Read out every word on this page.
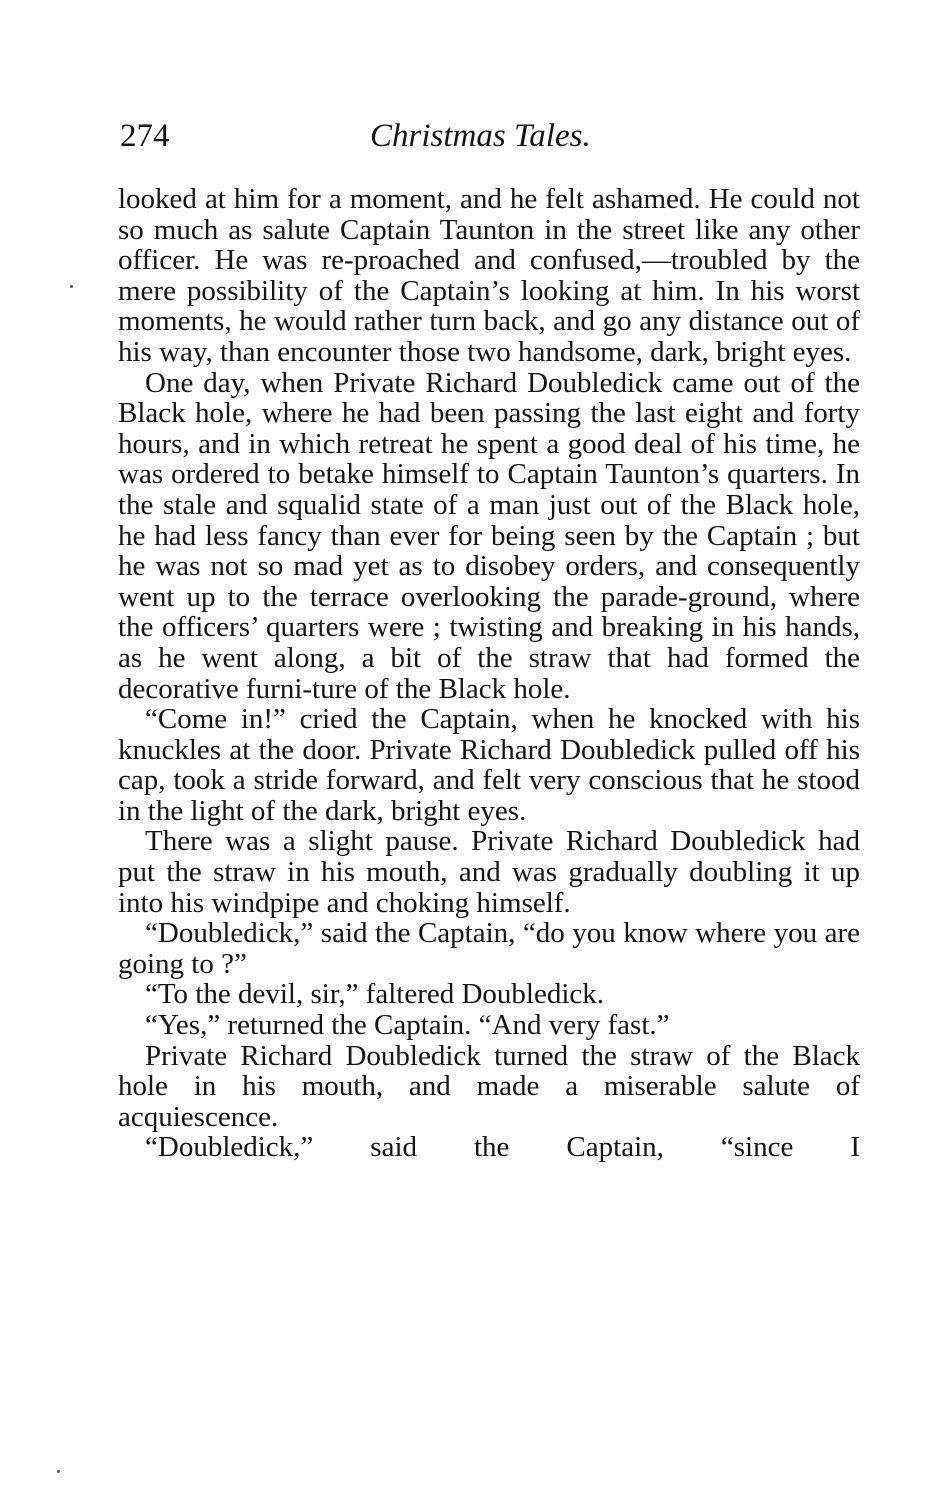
274	Christmas Tales.

looked at him for a moment, and he felt ashamed. He could not so much as salute Captain Taunton in the street like any other officer. He was re-proached and confused,—troubled by the mere possibility of the Captain’s looking at him. In his worst moments, he would rather turn back, and go any distance out of his way, than encounter those two handsome, dark, bright eyes.

One day, when Private Richard Doubledick came out of the Black hole, where he had been passing the last eight and forty hours, and in which retreat he spent a good deal of his time, he was ordered to betake himself to Captain Taunton’s quarters. In the stale and squalid state of a man just out of the Black hole, he had less fancy than ever for being seen by the Captain ; but he was not so mad yet as to disobey orders, and consequently went up to the terrace overlooking the parade-ground, where the officers’ quarters were ; twisting and breaking in his hands, as he went along, a bit of the straw that had formed the decorative furni-ture of the Black hole.

“Come in!” cried the Captain, when he knocked with his knuckles at the door. Private Richard Doubledick pulled off his cap, took a stride forward, and felt very conscious that he stood in the light of the dark, bright eyes.

There was a slight pause. Private Richard Doubledick had put the straw in his mouth, and was gradually doubling it up into his windpipe and choking himself.

“Doubledick,” said the Captain, “do you know where you are going to ?”

“To the devil, sir,” faltered Doubledick.

“Yes,” returned the Captain. “And very fast.”

Private Richard Doubledick turned the straw of the Black hole in his mouth, and made a miserable salute of acquiescence.

“Doubledick,” said the Captain, “since I
